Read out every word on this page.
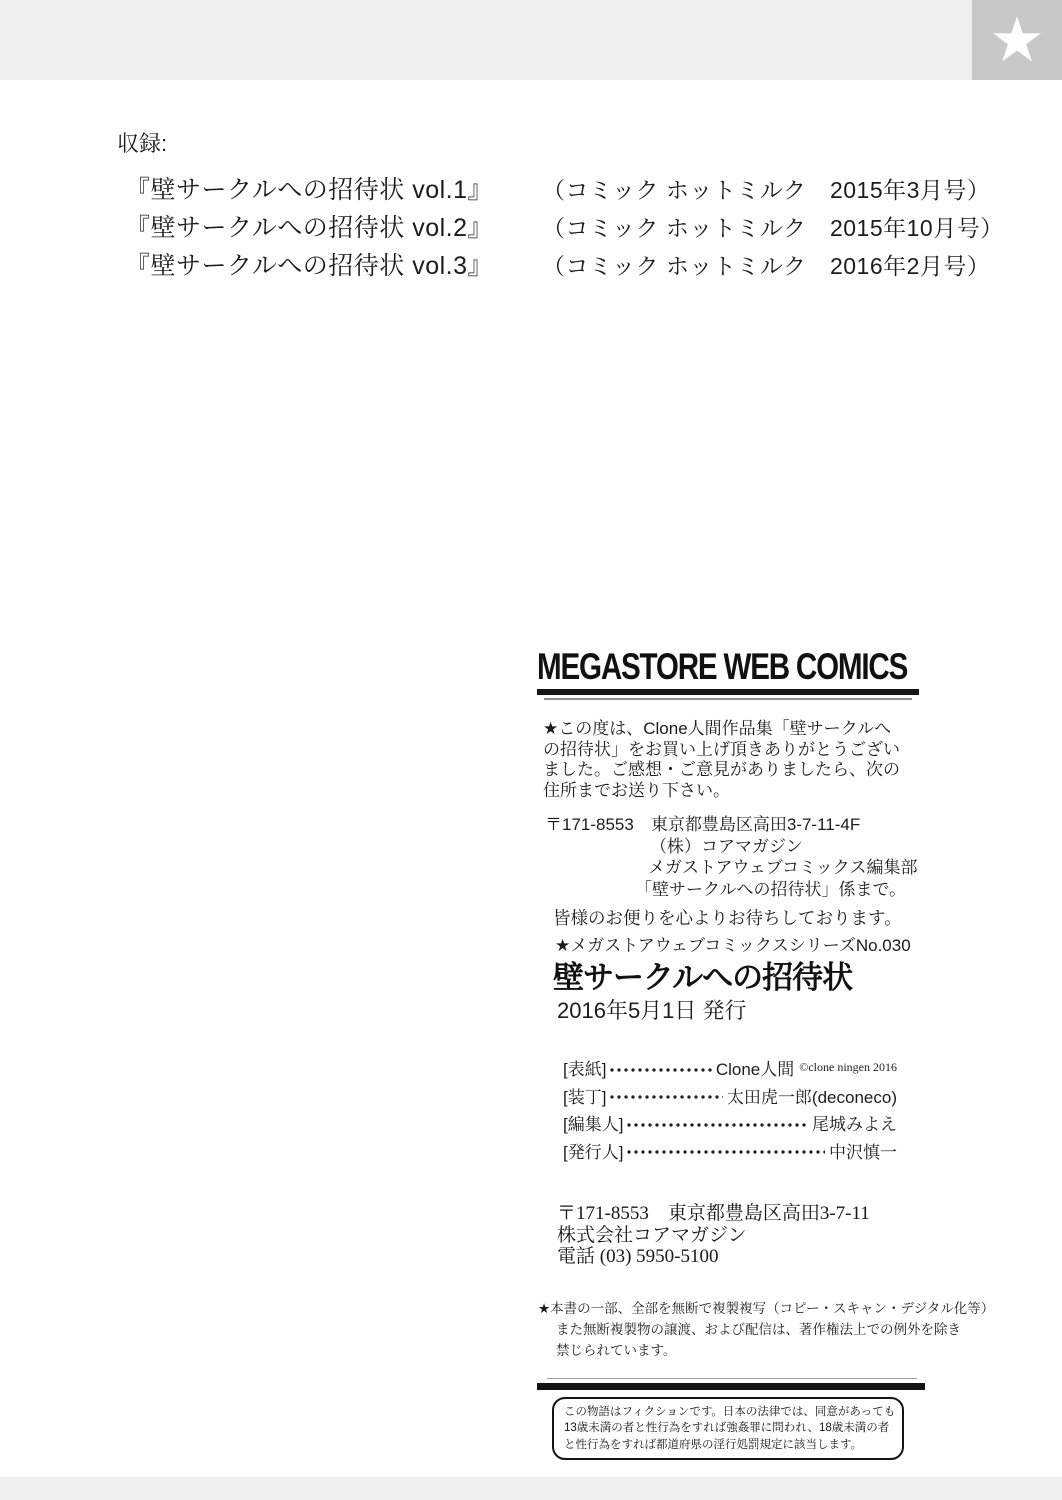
★
収録:
『壁サークルへの招待状 vol.1』	（コミック ホットミルク　2015年3月号）
『壁サークルへの招待状 vol.2』	（コミック ホットミルク　2015年10月号）
『壁サークルへの招待状 vol.3』	（コミック ホットミルク　2016年2月号）
MEGASTORE WEB COMICS
★この度は、Clone人間作品集「壁サークルへ
の招待状」をお買い上げ頂きありがとうござい
ました。ご感想・ご意見がありましたら、次の
住所までお送り下さい。
〒171-8553　東京都豊島区高田3-7-11-4F
（株）コアマガジン
メガストアウェブコミックス編集部
「壁サークルへの招待状」係まで。
皆様のお便りを心よりお待ちしております。
★メガストアウェブコミックスシリーズNo.030
壁サークルへの招待状
2016年5月1日 発行
[表紙]	Clone人間 ©clone ningen 2016
[装丁]	太田虎一郎(deconeco)
[編集人]	尾城みよえ
[発行人]	中沢慎一
〒171-8553　東京都豊島区高田3-7-11
株式会社コアマガジン
電話 (03) 5950-5100
★本書の一部、全部を無断で複製複写（コピー・スキャン・デジタル化等）
また無断複製物の譲渡、および配信は、著作権法上での例外を除き
禁じられています。
この物語はフィクションです。日本の法律では、同意があっても
13歳未満の者と性行為をすれば強姦罪に問われ、18歳未満の者
と性行為をすれば都道府県の淫行処罰規定に該当します。
